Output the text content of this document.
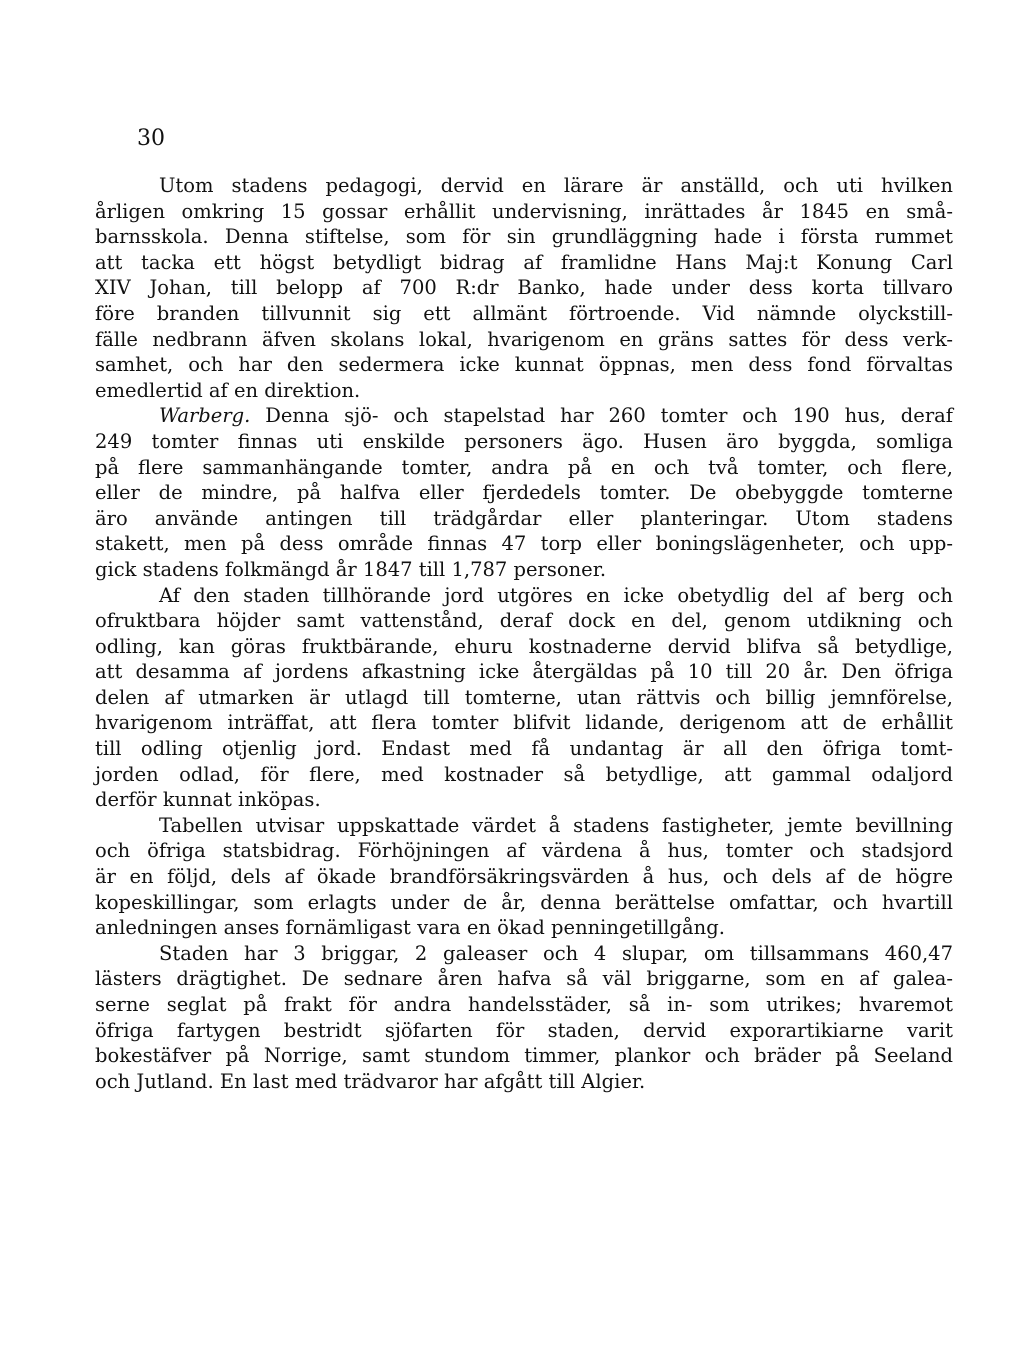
30

Utom stadens pedagogi, dervid en lärare är anställd, och uti hvilken
årligen omkring 15 gossar erhållit undervisning, inrättades år 1845 en små-
barnsskola. Denna stiftelse, som för sin grundläggning hade i första rummet
att tacka ett högst betydligt bidrag af framlidne Hans Maj:t Konung Carl
XIV Johan, till belopp af 700 R:dr Banko, hade under dess korta tillvaro
före branden tillvunnit sig ett allmänt förtroende. Vid nämnde olyckstill-
fälle nedbrann äfven skolans lokal, hvarigenom en gräns sattes för dess verk-
samhet, och har den sedermera icke kunnat öppnas, men dess fond förvaltas
emedlertid af en direktion.

Warberg. Denna sjö- och stapelstad har 260 tomter och 190 hus, deraf
249 tomter finnas uti enskilde personers ägo. Husen äro byggda, somliga
på flere sammanhängande tomter, andra på en och två tomter, och flere,
eller de mindre, på halfva eller fjerdedels tomter. De obebyggde tomterne
äro använde antingen till trädgårdar eller planteringar. Utom stadens
stakett, men på dess område finnas 47 torp eller boningslägenheter, och upp-
gick stadens folkmängd år 1847 till 1,787 personer.

Af den staden tillhörande jord utgöres en icke obetydlig del af berg och
ofruktbara höjder samt vattenstånd, deraf dock en del, genom utdikning och
odling, kan göras fruktbärande, ehuru kostnaderne dervid blifva så betydlige,
att desamma af jordens afkastning icke återgäldas på 10 till 20 år. Den öfriga
delen af utmarken är utlagd till tomterne, utan rättvis och billig jemnförelse,
hvarigenom inträffat, att flera tomter blifvit lidande, derigenom att de erhållit
till odling otjenlig jord. Endast med få undantag är all den öfriga tomt-
jorden odlad, för flere, med kostnader så betydlige, att gammal odaljord
derför kunnat inköpas.

Tabellen utvisar uppskattade värdet å stadens fastigheter, jemte bevillning
och öfriga statsbidrag. Förhöjningen af värdena å hus, tomter och stadsjord
är en följd, dels af ökade brandförsäkringsvärden å hus, och dels af de högre
kopeskillingar, som erlagts under de år, denna berättelse omfattar, och hvartill
anledningen anses fornämligast vara en ökad penningetillgång.

Staden har 3 briggar, 2 galeaser och 4 slupar, om tillsammans 460,47
lästers drägtighet. De sednare åren hafva så väl briggarne, som en af galea-
serne seglat på frakt för andra handelsstäder, så in- som utrikes; hvaremot
öfriga fartygen bestridt sjöfarten för staden, dervid exporartikiarne varit
bokestäfver på Norrige, samt stundom timmer, plankor och bräder på Seeland
och Jutland. En last med trädvaror har afgått till Algier.
